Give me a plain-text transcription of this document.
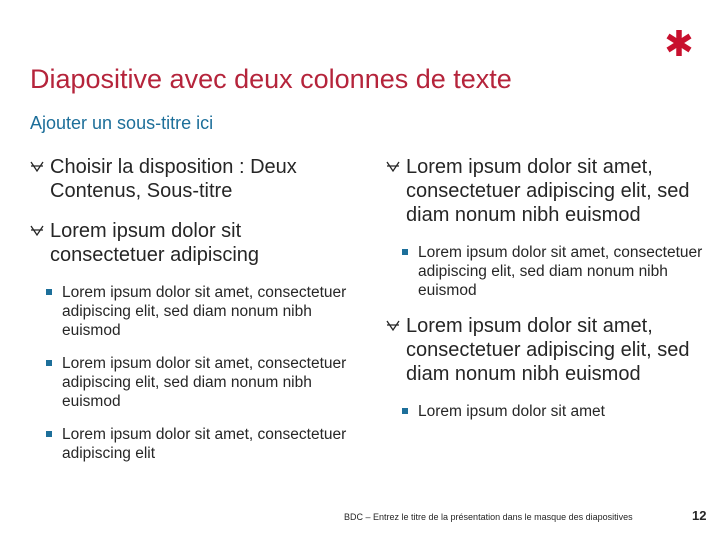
Diapositive avec deux colonnes de texte
Ajouter un sous-titre ici
Choisir la disposition : Deux Contenus, Sous-titre
Lorem ipsum dolor sit consectetuer adipiscing
Lorem ipsum dolor sit amet, consectetuer adipiscing elit, sed diam nonum nibh euismod
Lorem ipsum dolor sit amet, consectetuer adipiscing elit, sed diam nonum nibh euismod
Lorem ipsum dolor sit amet, consectetuer adipiscing elit
Lorem ipsum dolor sit amet, consectetuer adipiscing elit, sed diam nonum nibh euismod
Lorem ipsum dolor sit amet, consectetuer adipiscing elit, sed diam nonum nibh euismod
Lorem ipsum dolor sit amet, consectetuer adipiscing elit, sed diam nonum nibh euismod
Lorem ipsum dolor sit amet
BDC – Entrez le titre de la présentation dans le masque des diapositives	12
